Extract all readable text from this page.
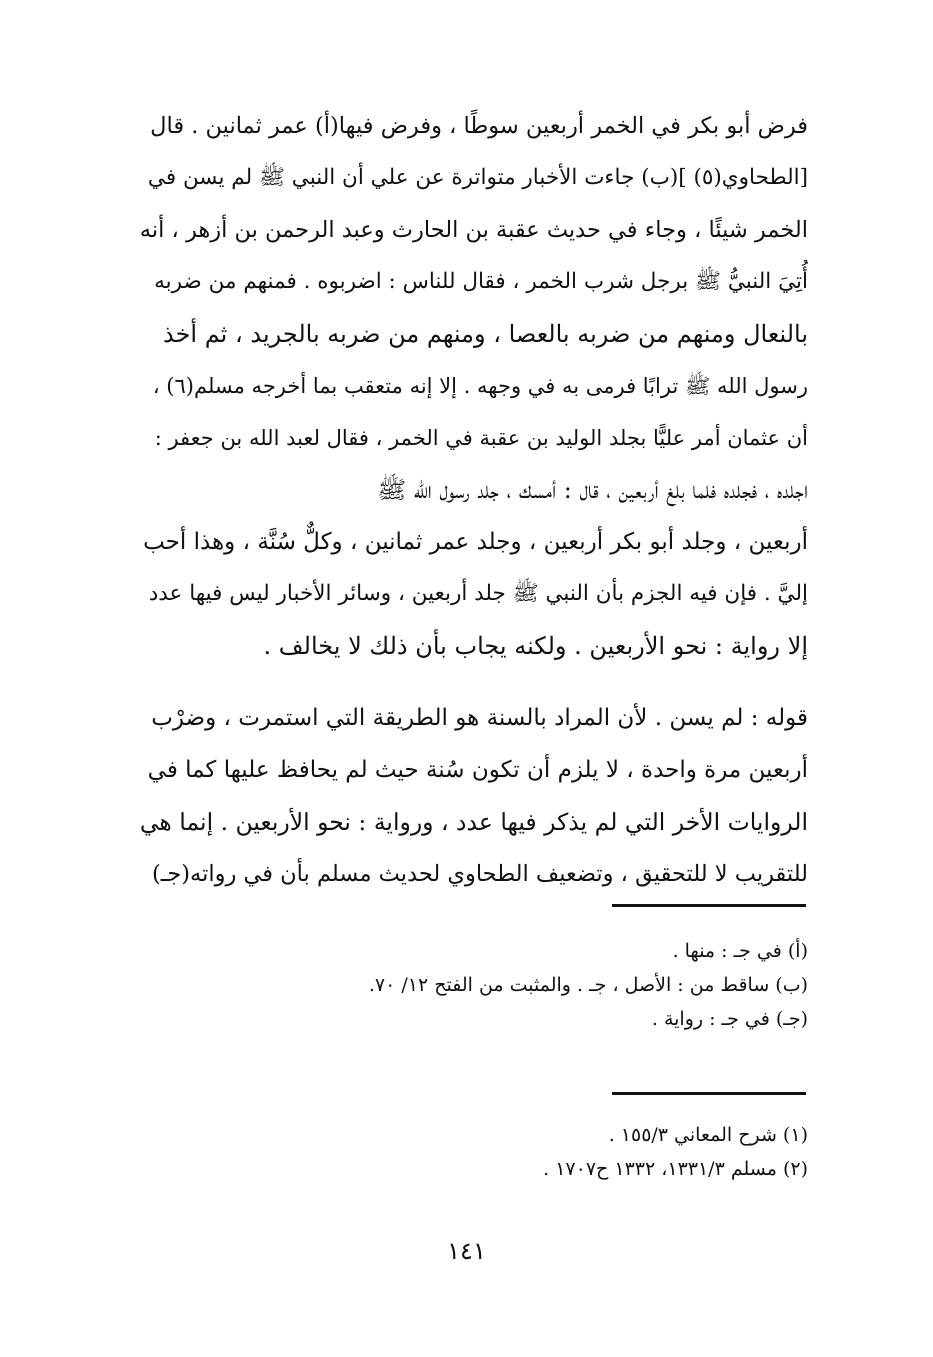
فرض أبو بكر في الخمر أربعين سوطًا ، وفرض فيها(أ) عمر ثمانين . قال
[الطحاوي(٥) ](ب) جاءت الأخبار متواترة عن علي أن النبي ﷺ لم يسن في
الخمر شيئًا ، وجاء في حديث عقبة بن الحارث وعبد الرحمن بن أزهر ، أنه
أُتِيَ النبيُّ ﷺ برجل شرب الخمر ، فقال للناس : اضربوه . فمنهم من ضربه
بالنعال ومنهم من ضربه بالعصا ، ومنهم من ضربه بالجريد ، ثم أخذ
رسول الله ﷺ ترابًا فرمى به في وجهه . إلا إنه متعقب بما أخرجه مسلم(٦) ،
أن عثمان أمر عليًّا بجلد الوليد بن عقبة في الخمر ، فقال لعبد الله بن جعفر :
اجلده ، فجلده فلما بلغ أربعين ، قال : أمسك ، جلد رسول الله ﷺ
أربعين ، وجلد أبو بكر أربعين ، وجلد عمر ثمانين ، وكلٌّ سُنَّة ، وهذا أحب
إليَّ . فإن فيه الجزم بأن النبي ﷺ جلد أربعين ، وسائر الأخبار ليس فيها عدد
إلا رواية : نحو الأربعين . ولكنه يجاب بأن ذلك لا يخالف .
قوله : لم يسن . لأن المراد بالسنة هو الطريقة التي استمرت ، وضرْب
أربعين مرة واحدة ، لا يلزم أن تكون سُنة حيث لم يحافظ عليها كما في
الروايات الأخر التي لم يذكر فيها عدد ، ورواية : نحو الأربعين . إنما هي
للتقريب لا للتحقيق ، وتضعيف الطحاوي لحديث مسلم بأن في رواته(جـ)
(أ) في جـ : منها .
(ب) ساقط من : الأصل ، جـ . والمثبت من الفتح ١٢/ ٧٠.
(جـ) في جـ : رواية .
(١) شرح المعاني ١٥٥/٣ .
(٢) مسلم ١٣٣١/٣، ١٣٣٢ ح١٧٠٧ .
١٤١
